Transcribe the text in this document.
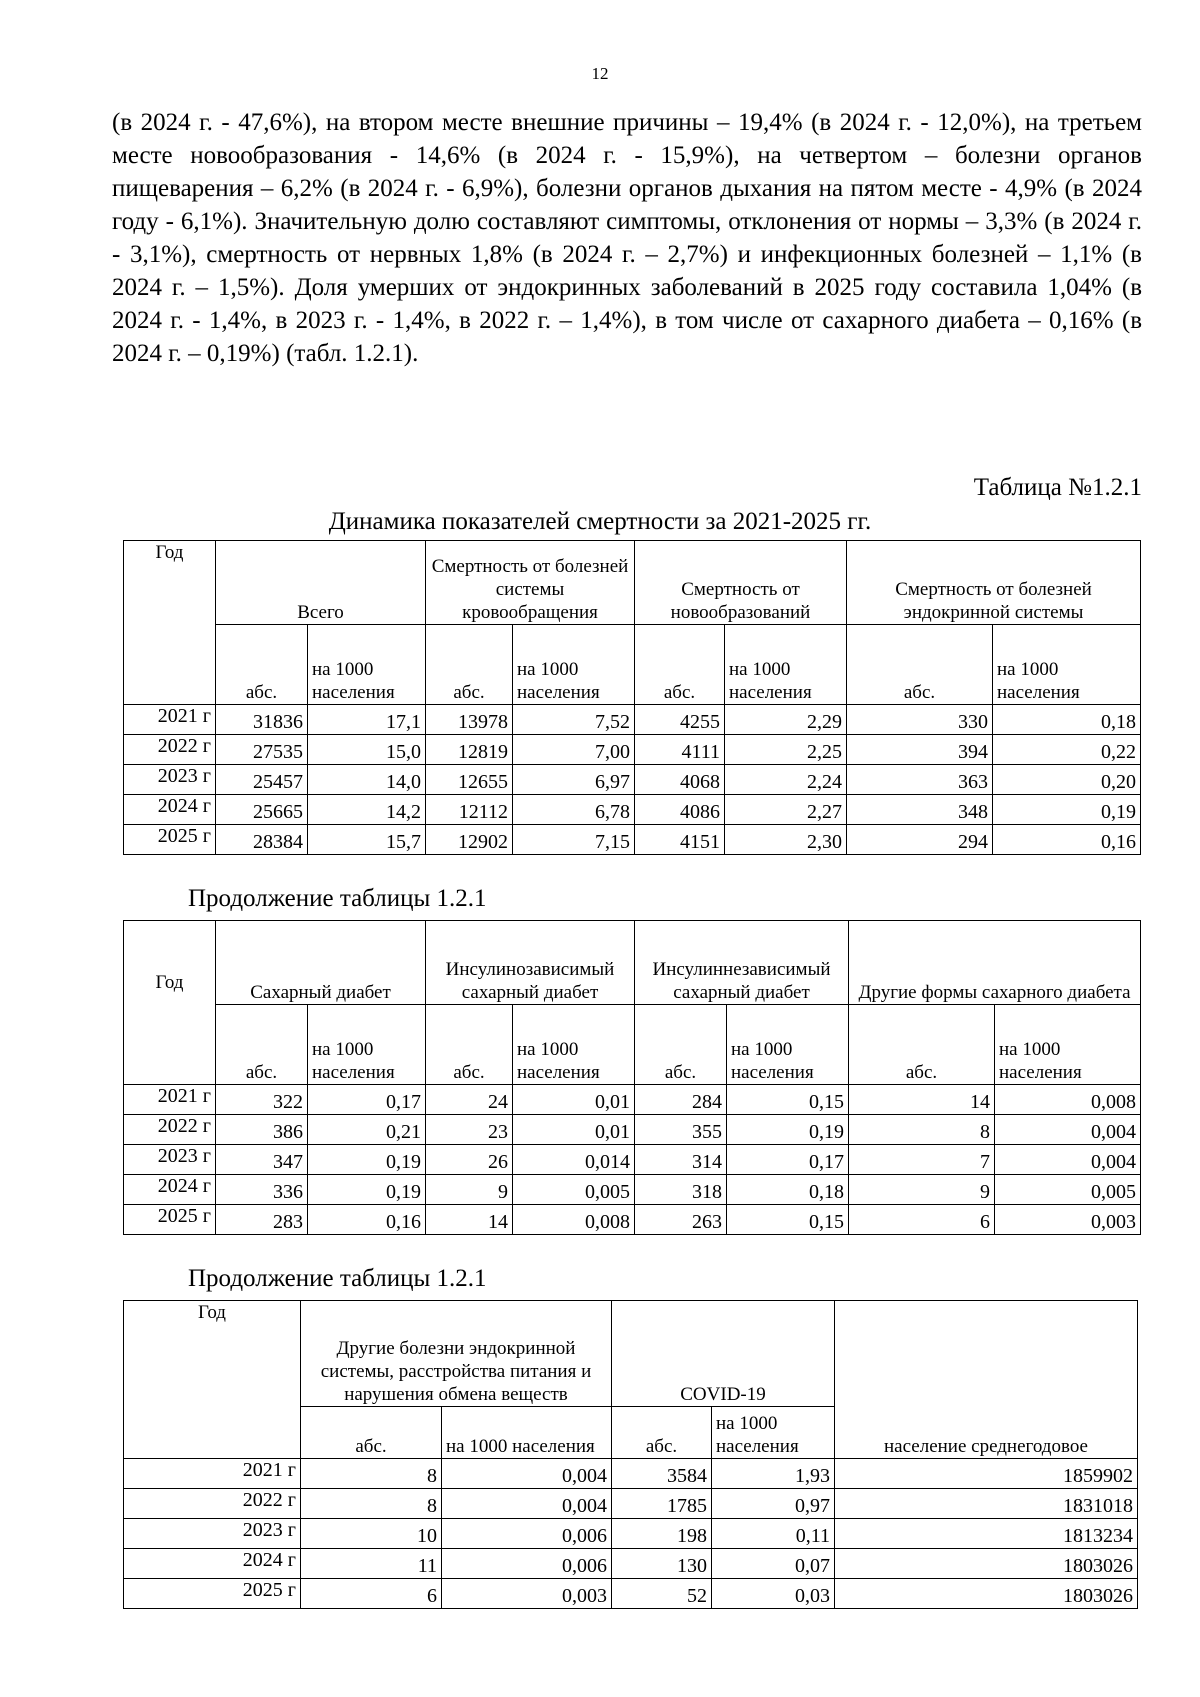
12

(в 2024 г. - 47,6%), на втором месте внешние причины – 19,4% (в 2024 г. - 12,0%), на третьем месте новообразования - 14,6% (в 2024 г. - 15,9%), на четвертом – болезни органов пищеварения – 6,2% (в 2024 г. - 6,9%), болезни органов дыхания на пятом месте - 4,9% (в 2024 году - 6,1%). Значительную долю составляют симптомы, отклонения от нормы – 3,3% (в 2024 г. - 3,1%), смертность от нервных 1,8% (в 2024 г. – 2,7%) и инфекционных болезней – 1,1% (в 2024 г. – 1,5%). Доля умерших от эндокринных заболеваний в 2025 году составила 1,04% (в 2024 г. - 1,4%, в 2023 г. - 1,4%, в 2022 г. – 1,4%), в том числе от сахарного диабета – 0,16% (в 2024 г. – 0,19%) (табл. 1.2.1).

Таблица №1.2.1
Динамика показателей смертности за 2021-2025 гг.
Год	Всего		Смертность от болезней системы кровообращения		Смертность от новообразований		Смертность от болезней эндокринной системы	
	абс.	на 1000 населения	абс.	на 1000 населения	абс.	на 1000 населения	абс.	на 1000 населения
2021 г	31836	17,1	13978	7,52	4255	2,29	330	0,18
2022 г	27535	15,0	12819	7,00	4111	2,25	394	0,22
2023 г	25457	14,0	12655	6,97	4068	2,24	363	0,20
2024 г	25665	14,2	12112	6,78	4086	2,27	348	0,19
2025 г	28384	15,7	12902	7,15	4151	2,30	294	0,16
Продолжение таблицы 1.2.1
Год	Сахарный диабет		Инсулинозависимый сахарный диабет		Инсулиннезависимый сахарный диабет		Другие формы сахарного диабета	
	абс.	на 1000 населения	абс.	на 1000 населения	абс.	на 1000 населения	абс.	на 1000 населения
2021 г	322	0,17	24	0,01	284	0,15	14	0,008
2022 г	386	0,21	23	0,01	355	0,19	8	0,004
2023 г	347	0,19	26	0,014	314	0,17	7	0,004
2024 г	336	0,19	9	0,005	318	0,18	9	0,005
2025 г	283	0,16	14	0,008	263	0,15	6	0,003
Продолжение таблицы 1.2.1
Год	Другие болезни эндокринной системы, расстройства питания и нарушения обмена веществ		COVID-19		население среднегодовое
	абс.	на 1000 населения	абс.	на 1000 населения	
2021 г	8	0,004	3584	1,93	1859902
2022 г	8	0,004	1785	0,97	1831018
2023 г	10	0,006	198	0,11	1813234
2024 г	11	0,006	130	0,07	1803026
2025 г	6	0,003	52	0,03	1803026
